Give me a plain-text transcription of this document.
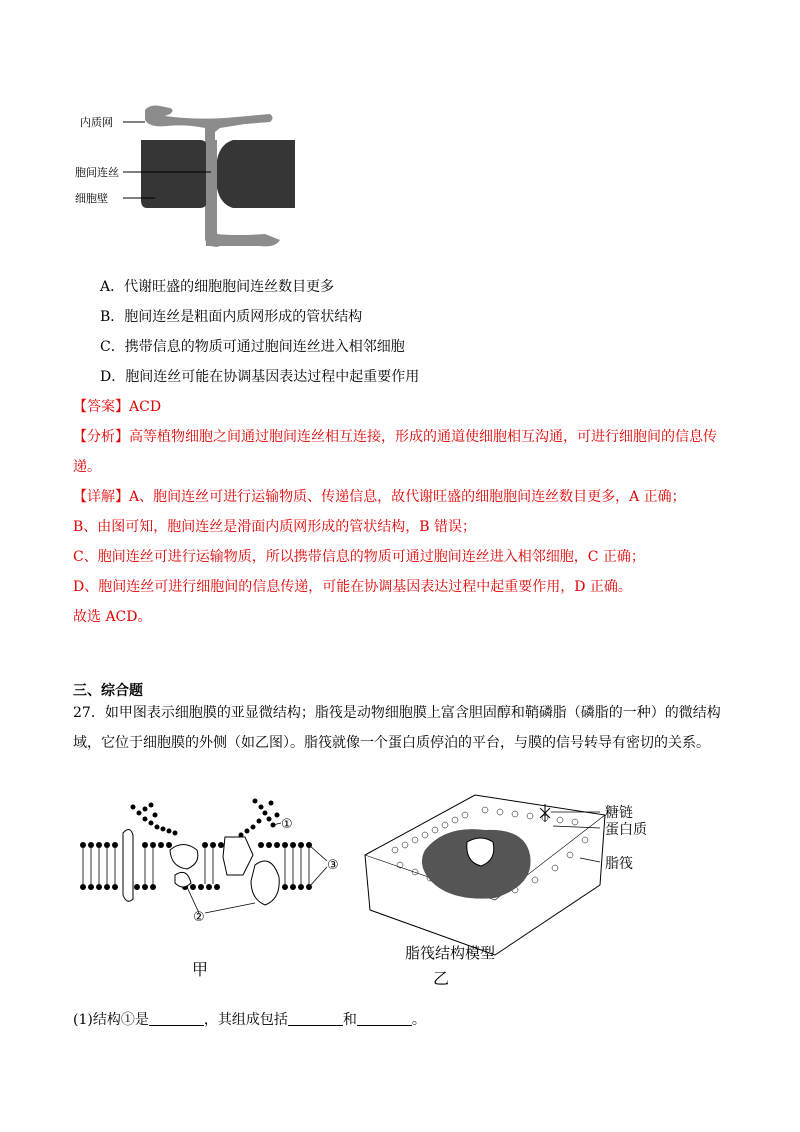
内质网
胞间连丝
细胞壁
A．代谢旺盛的细胞胞间连丝数目更多
B．胞间连丝是粗面内质网形成的管状结构
C．携带信息的物质可通过胞间连丝进入相邻细胞
D．胞间连丝可能在协调基因表达过程中起重要作用
【答案】ACD
【分析】高等植物细胞之间通过胞间连丝相互连接，形成的通道使细胞相互沟通，可进行细胞间的信息传
递。
【详解】A、胞间连丝可进行运输物质、传递信息，故代谢旺盛的细胞胞间连丝数目更多，A 正确；
B、由图可知，胞间连丝是滑面内质网形成的管状结构，B 错误；
C、胞间连丝可进行运输物质，所以携带信息的物质可通过胞间连丝进入相邻细胞，C 正确；
D、胞间连丝可进行细胞间的信息传递，可能在协调基因表达过程中起重要作用，D 正确。
故选 ACD。
三、综合题
27．如甲图表示细胞膜的亚显微结构；脂筏是动物细胞膜上富含胆固醇和鞘磷脂（磷脂的一种）的微结构
域，它位于细胞膜的外侧（如乙图）。脂筏就像一个蛋白质停泊的平台，与膜的信号转导有密切的关系。
①
②
③
甲
糖链
蛋白质
脂筏
脂筏结构模型
乙
(1)结构①是	，其组成包括	和	。
